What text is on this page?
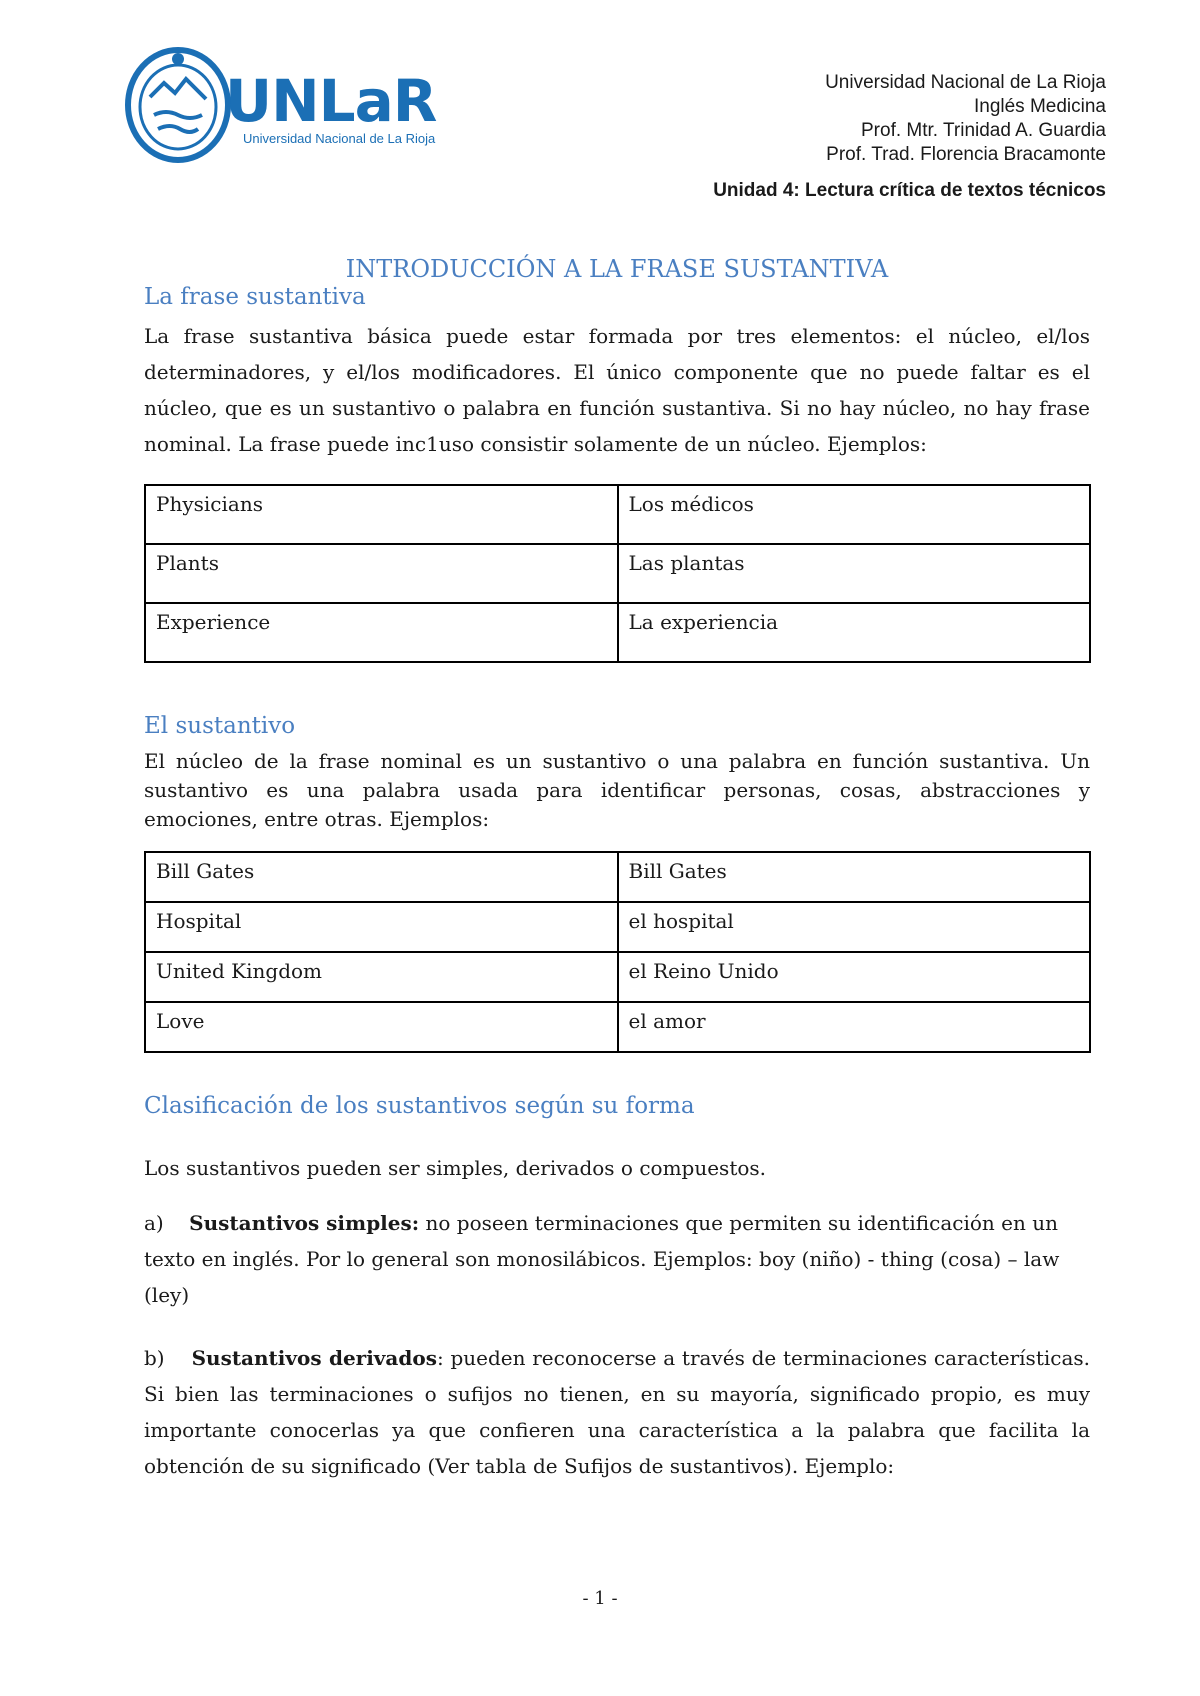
UNLaR
Universidad Nacional de La Rioja
Universidad Nacional de La Rioja
Inglés Medicina
Prof. Mtr. Trinidad A. Guardia
Prof. Trad. Florencia Bracamonte
Unidad 4: Lectura crítica de textos técnicos
INTRODUCCIÓN A LA FRASE SUSTANTIVA
La frase sustantiva
La frase sustantiva básica puede estar formada por tres elementos: el núcleo, el/los determinadores, y el/los modificadores. El único componente que no puede faltar es el núcleo, que es un sustantivo o palabra en función sustantiva. Si no hay núcleo, no hay frase nominal. La frase puede inc1uso consistir solamente de un núcleo. Ejemplos:
Physicians	Los médicos
Plants	Las plantas
Experience	La experiencia
El sustantivo
El núcleo de la frase nominal es un sustantivo o una palabra en función sustantiva. Un sustantivo es una palabra usada para identificar personas, cosas, abstracciones y emociones, entre otras. Ejemplos:
Bill Gates	Bill Gates
Hospital	el hospital
United Kingdom	el Reino Unido
Love	el amor
Clasificación de los sustantivos según su forma
Los sustantivos pueden ser simples, derivados o compuestos.
a) Sustantivos simples: no poseen terminaciones que permiten su identificación en un texto en inglés. Por lo general son monosilábicos. Ejemplos: boy (niño) - thing (cosa) – law (ley)
b) Sustantivos derivados: pueden reconocerse a través de terminaciones características. Si bien las terminaciones o sufijos no tienen, en su mayoría, significado propio, es muy importante conocerlas ya que confieren una característica a la palabra que facilita la obtención de su significado (Ver tabla de Sufijos de sustantivos). Ejemplo:
- 1 -
